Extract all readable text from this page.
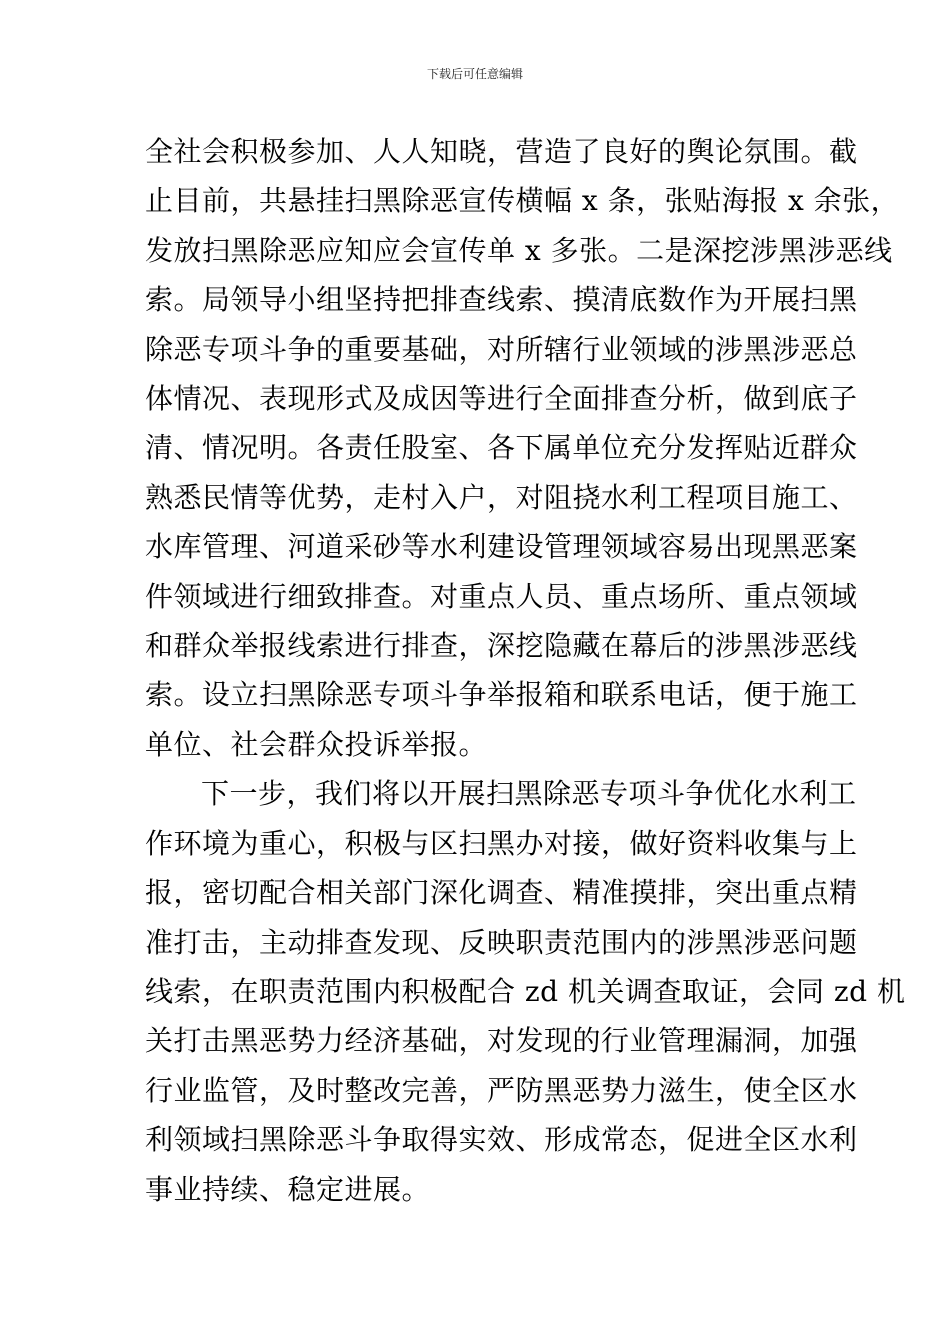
下载后可任意编辑

全社会积极参加、人人知晓，营造了良好的舆论氛围。截
止目前，共悬挂扫黑除恶宣传横幅 x 条，张贴海报 x 余张，
发放扫黑除恶应知应会宣传单 x 多张。二是深挖涉黑涉恶线
索。局领导小组坚持把排查线索、摸清底数作为开展扫黑
除恶专项斗争的重要基础，对所辖行业领域的涉黑涉恶总
体情况、表现形式及成因等进行全面排查分析，做到底子
清、情况明。各责任股室、各下属单位充分发挥贴近群众
熟悉民情等优势，走村入户，对阻挠水利工程项目施工、
水库管理、河道采砂等水利建设管理领域容易出现黑恶案
件领域进行细致排查。对重点人员、重点场所、重点领域
和群众举报线索进行排查，深挖隐藏在幕后的涉黑涉恶线
索。设立扫黑除恶专项斗争举报箱和联系电话，便于施工
单位、社会群众投诉举报。

下一步，我们将以开展扫黑除恶专项斗争优化水利工
作环境为重心，积极与区扫黑办对接，做好资料收集与上
报，密切配合相关部门深化调查、精准摸排，突出重点精
准打击，主动排查发现、反映职责范围内的涉黑涉恶问题
线索，在职责范围内积极配合 zd 机关调查取证，会同 zd 机
关打击黑恶势力经济基础，对发现的行业管理漏洞，加强
行业监管，及时整改完善，严防黑恶势力滋生，使全区水
利领域扫黑除恶斗争取得实效、形成常态，促进全区水利
事业持续、稳定进展。
